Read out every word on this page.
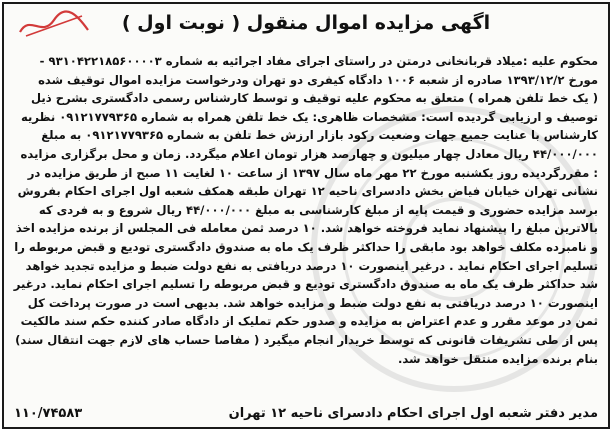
اگهی مزایده اموال منقول ( نوبت اول )

محکوم علیه :میلاد قربانخانی درمتن در راستای اجرای مفاد اجرائیه به شماره ۹۳۱۰۴۲۲۱۸۵۶۰۰۰۰۳ -

مورخ ۱۳۹۳/۱۲/۲ صادره از شعبه ۱۰۰۶ دادگاه کیفری دو تهران ودرخواست مزایده اموال توقیف شده

( یک خط تلفن همراه ) متعلق به محکوم علیه توقیف و توسط کارشناس رسمی دادگستری بشرح ذیل

توصیف و ارزیابی گردیده است: مشخصات ظاهری: یک خط تلفن همراه به شماره ۰۹۱۲۱۷۷۹۳۶۵ نظریه

کارشناس با عنایت جمیع جهات وضعیت رکود بازار ارزش خط تلفن به شماره ۰۹۱۲۱۷۷۹۳۶۵ به مبلغ

۴۴/۰۰۰/۰۰۰ ریال معادل چهار میلیون و چهارصد هزار تومان اعلام میگردد. زمان و محل برگزاری مزایده

: مقررگردیده روز یکشنبه مورخ ۲۲ مهر ماه سال ۱۳۹۷ از ساعت ۱۰ لغایت ۱۱ صبح از طریق مزایده در

نشانی تهران خیابان فیاض بخش دادسرای ناحیه ۱۲ تهران طبقه همکف شعبه اول اجرای احکام بفروش

برسد مزایده حضوری و قیمت پایه از مبلغ کارشناسی به مبلغ ۴۴/۰۰۰/۰۰۰ ریال شروع و به فردی که

بالاترین مبلغ را پیشنهاد نماید فروخته خواهد شد. ۱۰ درصد ثمن معامله فی المجلس از برنده مزایده اخذ

و نامبرده مکلف خواهد بود مابقی را حداکثر ظرف یک ماه به صندوق دادگستری تودیع و قبض مربوطه را

تسلیم اجرای احکام نماید . درغیر اینصورت ۱۰ درصد دریافتی به نفع دولت ضبط و مزایده تجدید خواهد

شد حداکثر ظرف یک ماه به صندوق دادگستری تودیع و قبض مربوطه را تسلیم اجرای احکام نماید. درغیر

اینصورت ۱۰ درصد دریافتی به نفع دولت ضبط و مزایده خواهد شد. بدیهی است در صورت پرداخت کل

ثمن در موعد مقرر و عدم اعتراض به مزایده و صدور حکم تملیک از دادگاه صادر کننده حکم سند مالکیت

پس از طی تشریفات قانونی که توسط خریدار انجام میگیرد ( مفاصا حساب های لازم جهت انتقال سند)

بنام برنده مزایده منتقل خواهد شد.

مدیر دفتر شعبه اول اجرای احکام دادسرای ناحیه ۱۲ تهران
۱۱۰/۷۴۵۸۳
